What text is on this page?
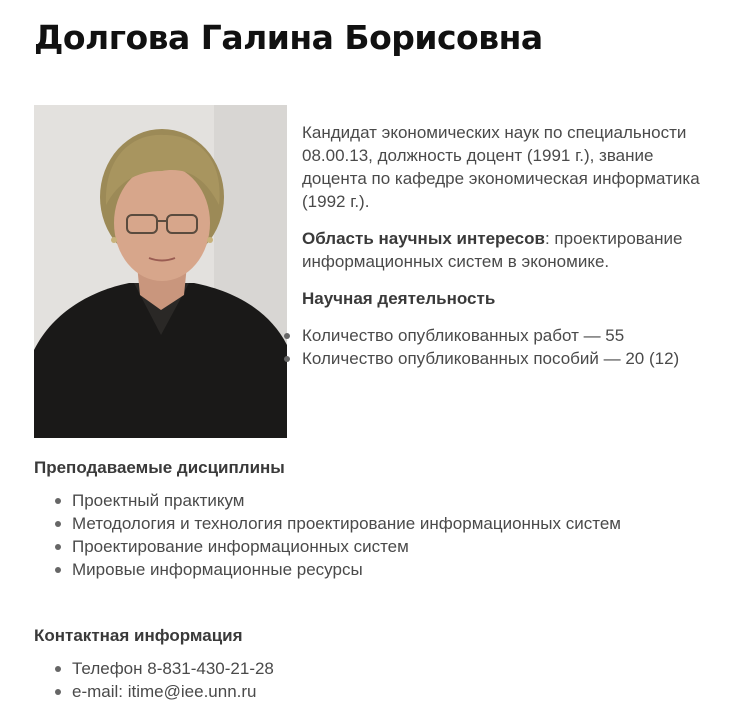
Долгова Галина Борисовна

Кандидат экономических наук по специальности 08.00.13, должность доцент (1991 г.), звание доцента по кафедре экономическая информатика (1992 г.).

Область научных интересов: проектирование информационных систем в экономике.

Научная деятельность

Количество опубликованных работ — 55
Количество опубликованных пособий — 20 (12)
Преподаваемые дисциплины
Проектный практикум
Методология и технология проектирование информационных систем
Проектирование информационных систем
Мировые информационные ресурсы
Контактная информация
Телефон 8-831-430-21-28
e-mail: itime@iee.unn.ru
